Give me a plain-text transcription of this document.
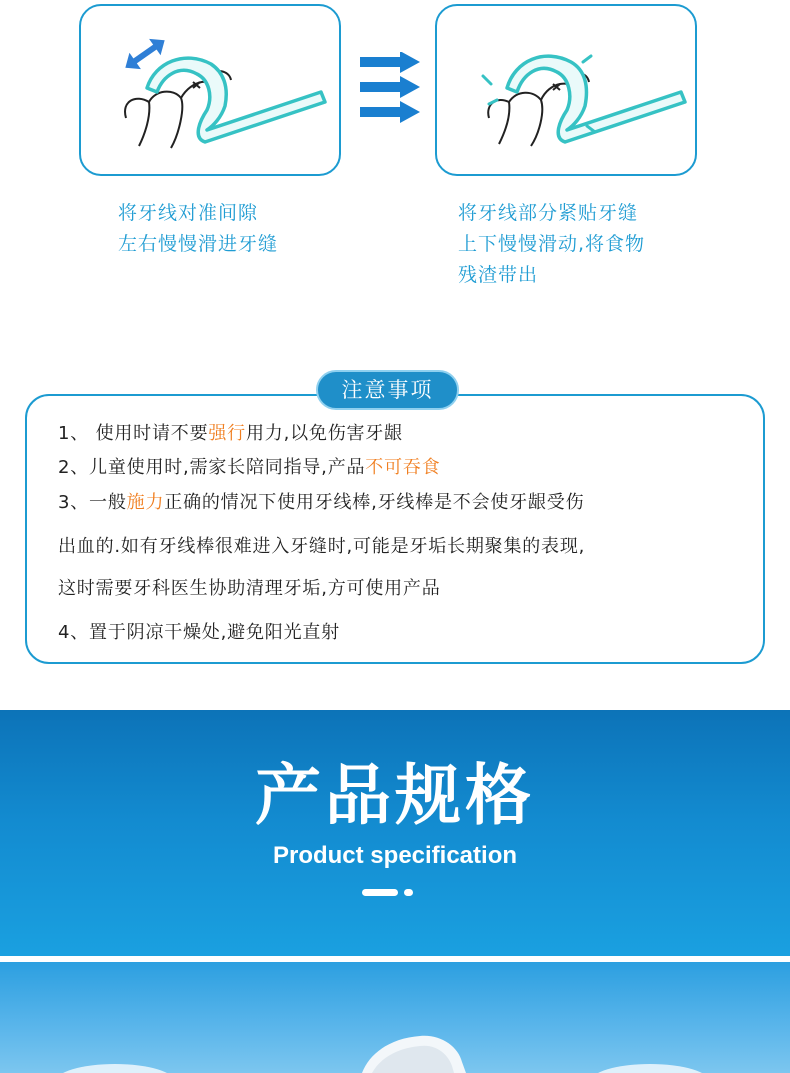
将牙线对准间隙
左右慢慢滑进牙缝
将牙线部分紧贴牙缝
上下慢慢滑动,将食物
残渣带出
注意事项
1、 使用时请不要强行用力,以免伤害牙龈
2、儿童使用时,需家长陪同指导,产品不可吞食
3、一般施力正确的情况下使用牙线棒,牙线棒是不会使牙龈受伤
出血的.如有牙线棒很难进入牙缝时,可能是牙垢长期聚集的表现,
这时需要牙科医生协助清理牙垢,方可使用产品
4、置于阴凉干燥处,避免阳光直射
产品规格
Product specification
